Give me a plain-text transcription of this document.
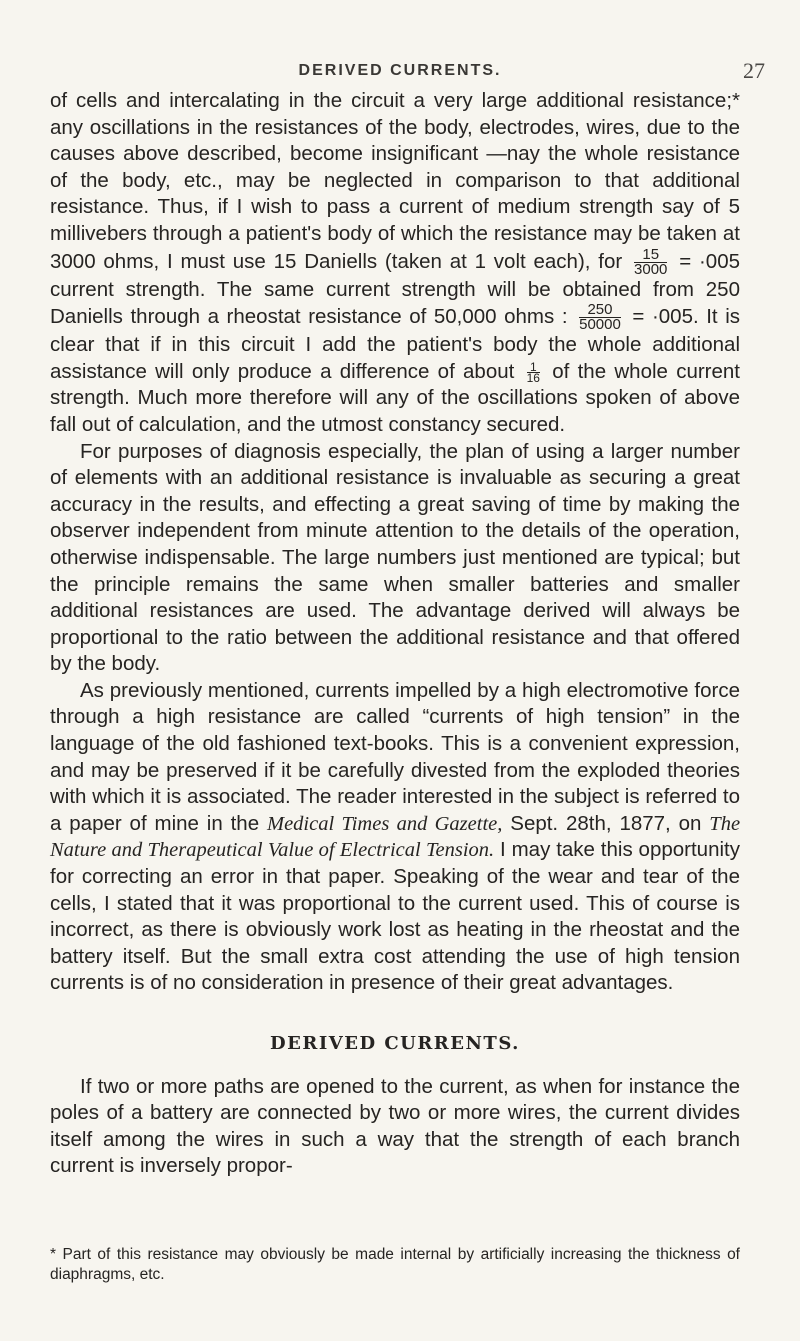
DERIVED CURRENTS.	27

of cells and intercalating in the circuit a very large additional resistance;* any oscillations in the resistances of the body, electrodes, wires, due to the causes above described, become insignificant —nay the whole resistance of the body, etc., may be neglected in comparison to that additional resistance. Thus, if I wish to pass a current of medium strength say of 5 millivebers through a patient's body of which the resistance may be taken at 3000 ohms, I must use 15 Daniells (taken at 1 volt each), for $\frac{15}{3000} = \cdot 005$ current strength. The same current strength will be obtained from 250 Daniells through a rheostat resistance of 50,000 ohms : $\frac{250}{50000} = \cdot 005$. It is clear that if in this circuit I add the patient's body the whole additional assistance will only produce a difference of about $\frac{1}{16}$ of the whole current strength. Much more therefore will any of the oscillations spoken of above fall out of calculation, and the utmost constancy secured.

For purposes of diagnosis especially, the plan of using a larger number of elements with an additional resistance is invaluable as securing a great accuracy in the results, and effecting a great saving of time by making the observer independent from minute attention to the details of the operation, otherwise indispensable. The large numbers just mentioned are typical; but the principle remains the same when smaller batteries and smaller additional resistances are used. The advantage derived will always be proportional to the ratio between the additional resistance and that offered by the body.

As previously mentioned, currents impelled by a high electromotive force through a high resistance are called “currents of high tension” in the language of the old fashioned text-books. This is a convenient expression, and may be preserved if it be carefully divested from the exploded theories with which it is associated. The reader interested in the subject is referred to a paper of mine in the Medical Times and Gazette, Sept. 28th, 1877, on The Nature and Therapeutical Value of Electrical Tension. I may take this opportunity for correcting an error in that paper. Speaking of the wear and tear of the cells, I stated that it was proportional to the current used. This of course is incorrect, as there is obviously work lost as heating in the rheostat and the battery itself. But the small extra cost attending the use of high tension currents is of no consideration in presence of their great advantages.

DERIVED CURRENTS.

If two or more paths are opened to the current, as when for instance the poles of a battery are connected by two or more wires, the current divides itself among the wires in such a way that the strength of each branch current is inversely propor-

* Part of this resistance may obviously be made internal by artificially increasing the thickness of diaphragms, etc.
